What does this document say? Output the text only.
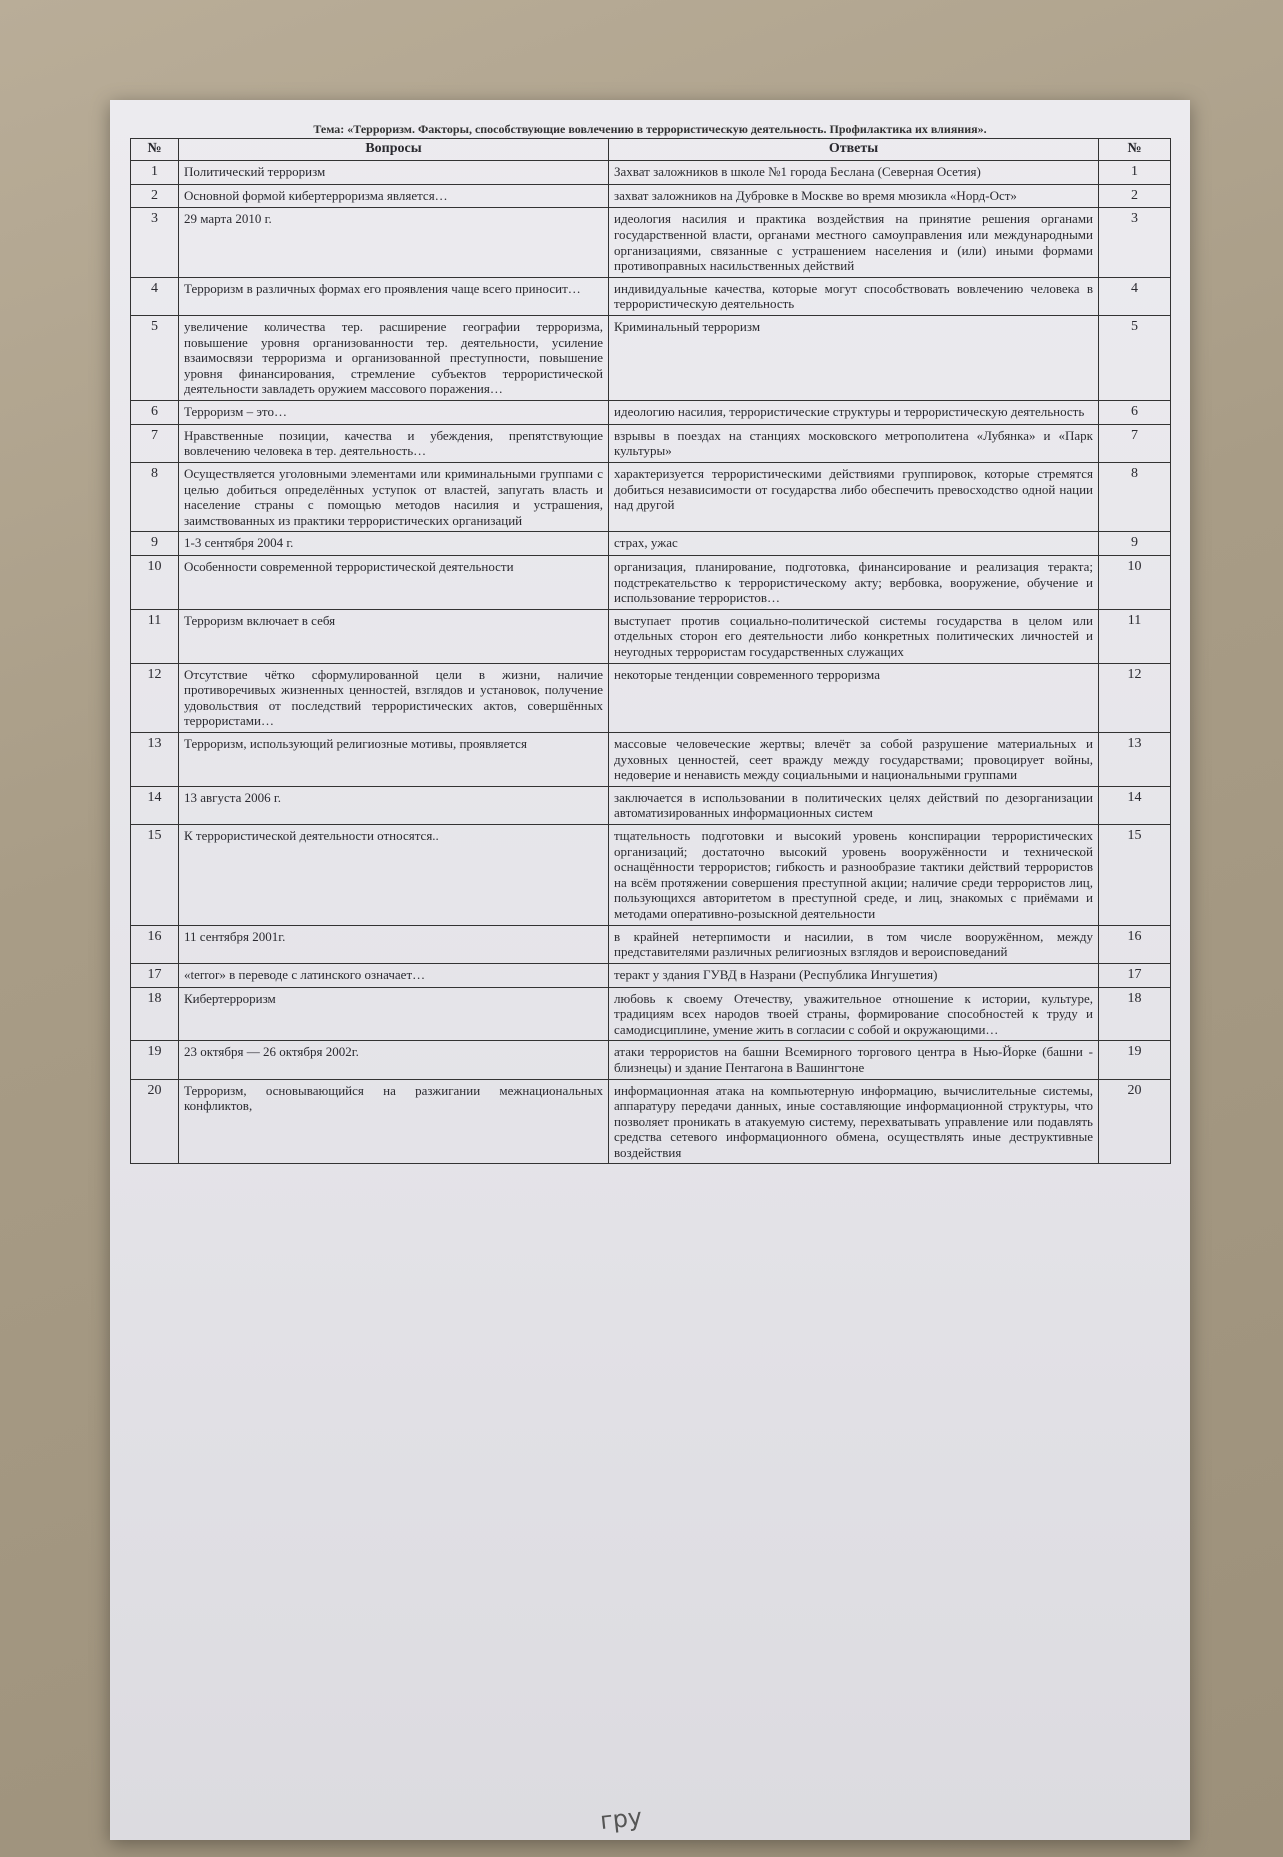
Тема: «Терроризм. Факторы, способствующие вовлечению в террористическую деятельность. Профилактика их влияния».
№	Вопросы	Ответы	№
1	Политический терроризм	Захват заложников в школе №1 города Беслана (Северная Осетия)	1
2	Основной формой кибертерроризма является…	захват заложников на Дубровке в Москве во время мюзикла «Норд-Ост»	2
3	29 марта 2010 г.	идеология насилия и практика воздействия на принятие решения органами государственной власти, органами местного самоуправления или международными организациями, связанные с устрашением населения и (или) иными формами противоправных насильственных действий	3
4	Терроризм в различных формах его проявления чаще всего приносит…	индивидуальные качества, которые могут способствовать вовлечению человека в террористическую деятельность	4
5	увеличение количества тер. расширение географии терроризма, повышение уровня организованности тер. деятельности, усиление взаимосвязи терроризма и организованной преступности, повышение уровня финансирования, стремление субъектов террористической деятельности завладеть оружием массового поражения…	Криминальный терроризм	5
6	Терроризм – это…	идеологию насилия, террористические структуры и террористическую деятельность	6
7	Нравственные позиции, качества и убеждения, препятствующие вовлечению человека в тер. деятельность…	взрывы в поездах на станциях московского метрополитена «Лубянка» и «Парк культуры»	7
8	Осуществляется уголовными элементами или криминальными группами с целью добиться определённых уступок от властей, запугать власть и население страны с помощью методов насилия и устрашения, заимствованных из практики террористических организаций	характеризуется террористическими действиями группировок, которые стремятся добиться независимости от государства либо обеспечить превосходство одной нации над другой	8
9	1-3 сентября 2004 г.	страх, ужас	9
10	Особенности современной террористической деятельности	организация, планирование, подготовка, финансирование и реализация теракта; подстрекательство к террористическому акту; вербовка, вооружение, обучение и использование террористов…	10
11	Терроризм включает в себя	выступает против социально-политической системы государства в целом или отдельных сторон его деятельности либо конкретных политических личностей и неугодных террористам государственных служащих	11
12	Отсутствие чётко сформулированной цели в жизни, наличие противоречивых жизненных ценностей, взглядов и установок, получение удовольствия от последствий террористических актов, совершённых террористами…	некоторые тенденции современного терроризма	12
13	Терроризм, использующий религиозные мотивы, проявляется	массовые человеческие жертвы; влечёт за собой разрушение материальных и духовных ценностей, сеет вражду между государствами; провоцирует войны, недоверие и ненависть между социальными и национальными группами	13
14	13 августа 2006 г.	заключается в использовании в политических целях действий по дезорганизации автоматизированных информационных систем	14
15	К террористической деятельности относятся..	тщательность подготовки и высокий уровень конспирации террористических организаций; достаточно высокий уровень вооружённости и технической оснащённости террористов; гибкость и разнообразие тактики действий террористов на всём протяжении совершения преступной акции; наличие среди террористов лиц, пользующихся авторитетом в преступной среде, и лиц, знакомых с приёмами и методами оперативно-розыскной деятельности	15
16	11 сентября 2001г.	в крайней нетерпимости и насилии, в том числе вооружённом, между представителями различных религиозных взглядов и вероисповеданий	16
17	«terror» в переводе с латинского означает…	теракт у здания ГУВД в Назрани (Республика Ингушетия)	17
18	Кибертерроризм	любовь к своему Отечеству, уважительное отношение к истории, культуре, традициям всех народов твоей страны, формирование способностей к труду и самодисциплине, умение жить в согласии с собой и окружающими…	18
19	23 октября — 26 октября 2002г.	атаки террористов на башни Всемирного торгового центра в Нью-Йорке (башни - близнецы) и здание Пентагона в Вашингтоне	19
20	Терроризм, основывающийся на разжигании межнациональных конфликтов,	информационная атака на компьютерную информацию, вычислительные системы, аппаратуру передачи данных, иные составляющие информационной структуры, что позволяет проникать в атакуемую систему, перехватывать управление или подавлять средства сетевого информационного обмена, осуществлять иные деструктивные воздействия	20
гру
